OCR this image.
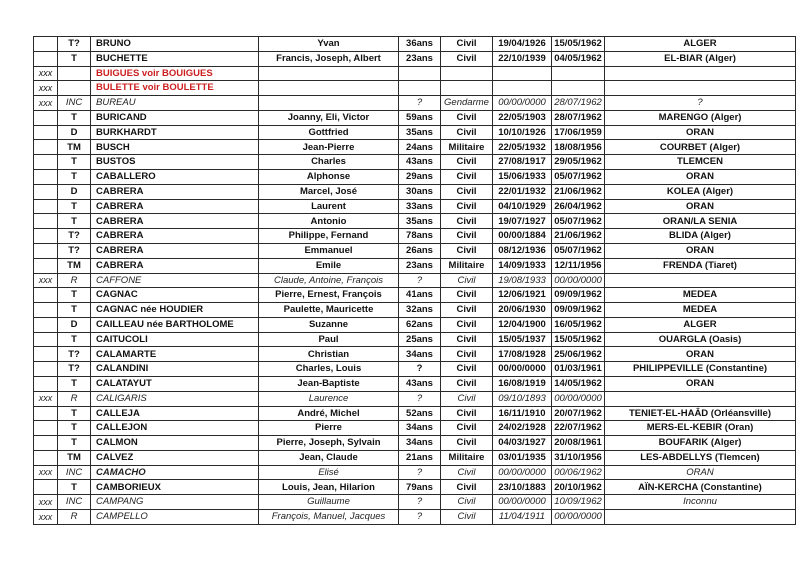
	T?	BRUNO	Yvan	36ans	Civil	19/04/1926	15/05/1962	ALGER
	T	BUCHETTE	Francis, Joseph, Albert	23ans	Civil	22/10/1939	04/05/1962	EL-BIAR (Alger)
xxx		BUIGUES voir BOUIGUES						
xxx		BULETTE voir BOULETTE						
xxx	INC	BUREAU		?	Gendarme	00/00/0000	28/07/1962	?
	T	BURICAND	Joanny, Eli, Victor	59ans	Civil	22/05/1903	28/07/1962	MARENGO (Alger)
	D	BURKHARDT	Gottfried	35ans	Civil	10/10/1926	17/06/1959	ORAN
	TM	BUSCH	Jean-Pierre	24ans	Militaire	22/05/1932	18/08/1956	COURBET (Alger)
	T	BUSTOS	Charles	43ans	Civil	27/08/1917	29/05/1962	TLEMCEN
	T	CABALLERO	Alphonse	29ans	Civil	15/06/1933	05/07/1962	ORAN
	D	CABRERA	Marcel, José	30ans	Civil	22/01/1932	21/06/1962	KOLEA (Alger)
	T	CABRERA	Laurent	33ans	Civil	04/10/1929	26/04/1962	ORAN
	T	CABRERA	Antonio	35ans	Civil	19/07/1927	05/07/1962	ORAN/LA SENIA
	T?	CABRERA	Philippe, Fernand	78ans	Civil	00/00/1884	21/06/1962	BLIDA (Alger)
	T?	CABRERA	Emmanuel	26ans	Civil	08/12/1936	05/07/1962	ORAN
	TM	CABRERA	Emile	23ans	Militaire	14/09/1933	12/11/1956	FRENDA (Tiaret)
xxx	R	CAFFONE	Claude, Antoine, François	?	Civil	19/08/1933	00/00/0000	
	T	CAGNAC	Pierre, Ernest, François	41ans	Civil	12/06/1921	09/09/1962	MEDEA
	T	CAGNAC née HOUDIER	Paulette, Mauricette	32ans	Civil	20/06/1930	09/09/1962	MEDEA
	D	CAILLEAU née BARTHOLOME	Suzanne	62ans	Civil	12/04/1900	16/05/1962	ALGER
	T	CAITUCOLI	Paul	25ans	Civil	15/05/1937	15/05/1962	OUARGLA (Oasis)
	T?	CALAMARTE	Christian	34ans	Civil	17/08/1928	25/06/1962	ORAN
	T?	CALANDINI	Charles, Louis	?	Civil	00/00/0000	01/03/1961	PHILIPPEVILLE (Constantine)
	T	CALATAYUT	Jean-Baptiste	43ans	Civil	16/08/1919	14/05/1962	ORAN
xxx	R	CALIGARIS	Laurence	?	Civil	09/10/1893	00/00/0000	
	T	CALLEJA	André, Michel	52ans	Civil	16/11/1910	20/07/1962	TENIET-EL-HAÂD (Orléansville)
	T	CALLEJON	Pierre	34ans	Civil	24/02/1928	22/07/1962	MERS-EL-KEBIR (Oran)
	T	CALMON	Pierre, Joseph, Sylvain	34ans	Civil	04/03/1927	20/08/1961	BOUFARIK (Alger)
	TM	CALVEZ	Jean, Claude	21ans	Militaire	03/01/1935	31/10/1956	LES-ABDELLYS (Tlemcen)
xxx	INC	CAMACHO	Elisé	?	Civil	00/00/0000	00/06/1962	ORAN
	T	CAMBORIEUX	Louis, Jean, Hilarion	79ans	Civil	23/10/1883	20/10/1962	AÏN-KERCHA (Constantine)
xxx	INC	CAMPANG	Guillaume	?	Civil	00/00/0000	10/09/1962	Inconnu
xxx	R	CAMPELLO	François, Manuel, Jacques	?	Civil	11/04/1911	00/00/0000	
